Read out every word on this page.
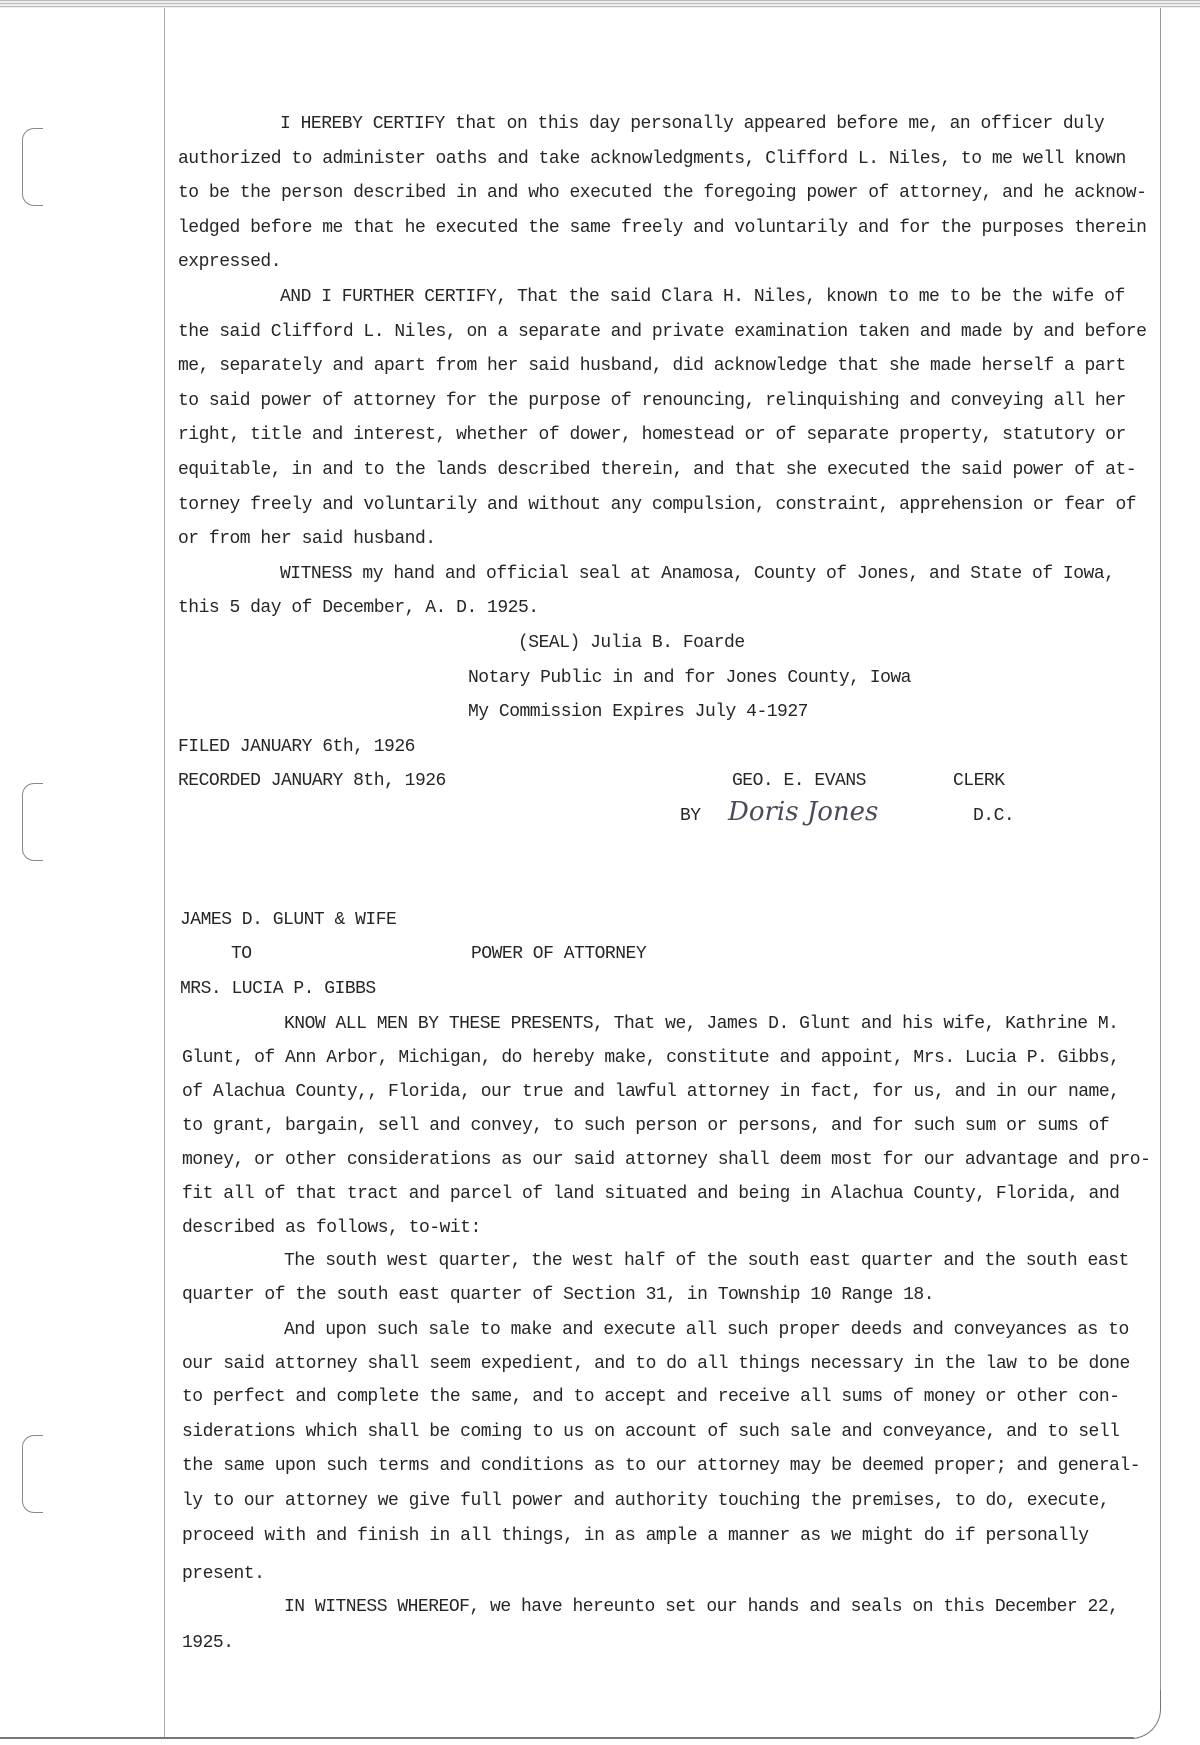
I HEREBY CERTIFY that on this day personally appeared before me, an officer duly
authorized to administer oaths and take acknowledgments, Clifford L. Niles, to me well known
to be the person described in and who executed the foregoing power of attorney, and he acknow-
ledged before me that he executed the same freely and voluntarily and for the purposes therein
expressed.
AND I FURTHER CERTIFY, That the said Clara H. Niles, known to me to be the wife of
the said Clifford L. Niles, on a separate and private examination taken and made by and before
me, separately and apart from her said husband, did acknowledge that she made herself a part
to said power of attorney for the purpose of renouncing, relinquishing and conveying all her
right, title and interest, whether of dower, homestead or of separate property, statutory or
equitable, in and to the lands described therein, and that she executed the said power of at-
torney freely and voluntarily and without any compulsion, constraint, apprehension or fear of
or from her said husband.
WITNESS my hand and official seal at Anamosa, County of Jones, and State of Iowa,
this 5 day of December, A. D. 1925.
(SEAL) Julia B. Foarde
Notary Public in and for Jones County, Iowa
My Commission Expires July 4-1927
FILED JANUARY 6th, 1926
RECORDED JANUARY 8th, 1926	GEO. E. EVANS	CLERK
BY	D.C.
JAMES D. GLUNT & WIFE
TO	POWER OF ATTORNEY
MRS. LUCIA P. GIBBS
KNOW ALL MEN BY THESE PRESENTS, That we, James D. Glunt and his wife, Kathrine M.
Glunt, of Ann Arbor, Michigan, do hereby make, constitute and appoint, Mrs. Lucia P. Gibbs,
of Alachua County,, Florida, our true and lawful attorney in fact, for us, and in our name,
to grant, bargain, sell and convey, to such person or persons, and for such sum or sums of
money, or other considerations as our said attorney shall deem most for our advantage and pro-
fit all of that tract and parcel of land situated and being in Alachua County, Florida, and
described as follows, to-wit:
The south west quarter, the west half of the south east quarter and the south east
quarter of the south east quarter of Section 31, in Township 10 Range 18.
And upon such sale to make and execute all such proper deeds and conveyances as to
our said attorney shall seem expedient, and to do all things necessary in the law to be done
to perfect and complete the same, and to accept and receive all sums of money or other con-
siderations which shall be coming to us on account of such sale and conveyance, and to sell
the same upon such terms and conditions as to our attorney may be deemed proper; and general-
ly to our attorney we give full power and authority touching the premises, to do, execute,
proceed with and finish in all things, in as ample a manner as we might do if personally
present.
IN WITNESS WHEREOF, we have hereunto set our hands and seals on this December 22,
1925.
Doris Jones
